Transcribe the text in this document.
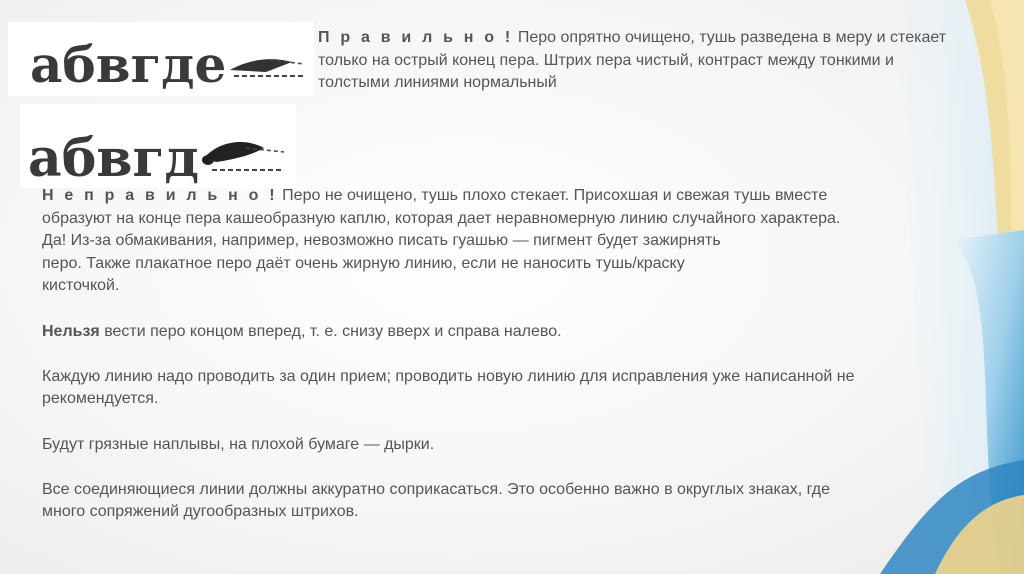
абвгде
абвгд
П р а в и л ь н о ! Перо опрятно очищено, тушь разведена в меру и стекает только на острый конец пера. Штрих пера чистый, контраст между тонкими и толстыми линиями нормальный
Н е п р а в и л ь н о ! Перо не очищено, тушь плохо стекает. Присохшая и свежая тушь вместе образуют на конце пера кашеобразную каплю, которая дает неравномерную линию случайного характера.
Да! Из-за обмакивания, например, невозможно писать гуашью — пигмент будет зажирнять
перо. Также плакатное перо даёт очень жирную линию, если не наносить тушь/краску
кисточкой.
Нельзя вести перо концом вперед, т. е. снизу вверх и справа налево.
Каждую линию надо проводить за один прием; проводить новую линию для исправления уже написанной не рекомендуется.
Будут грязные наплывы, на плохой бумаге — дырки.
Все соединяющиеся линии должны аккуратно соприкасаться. Это особенно важно в округлых знаках, где много сопряжений дугообразных штрихов.
